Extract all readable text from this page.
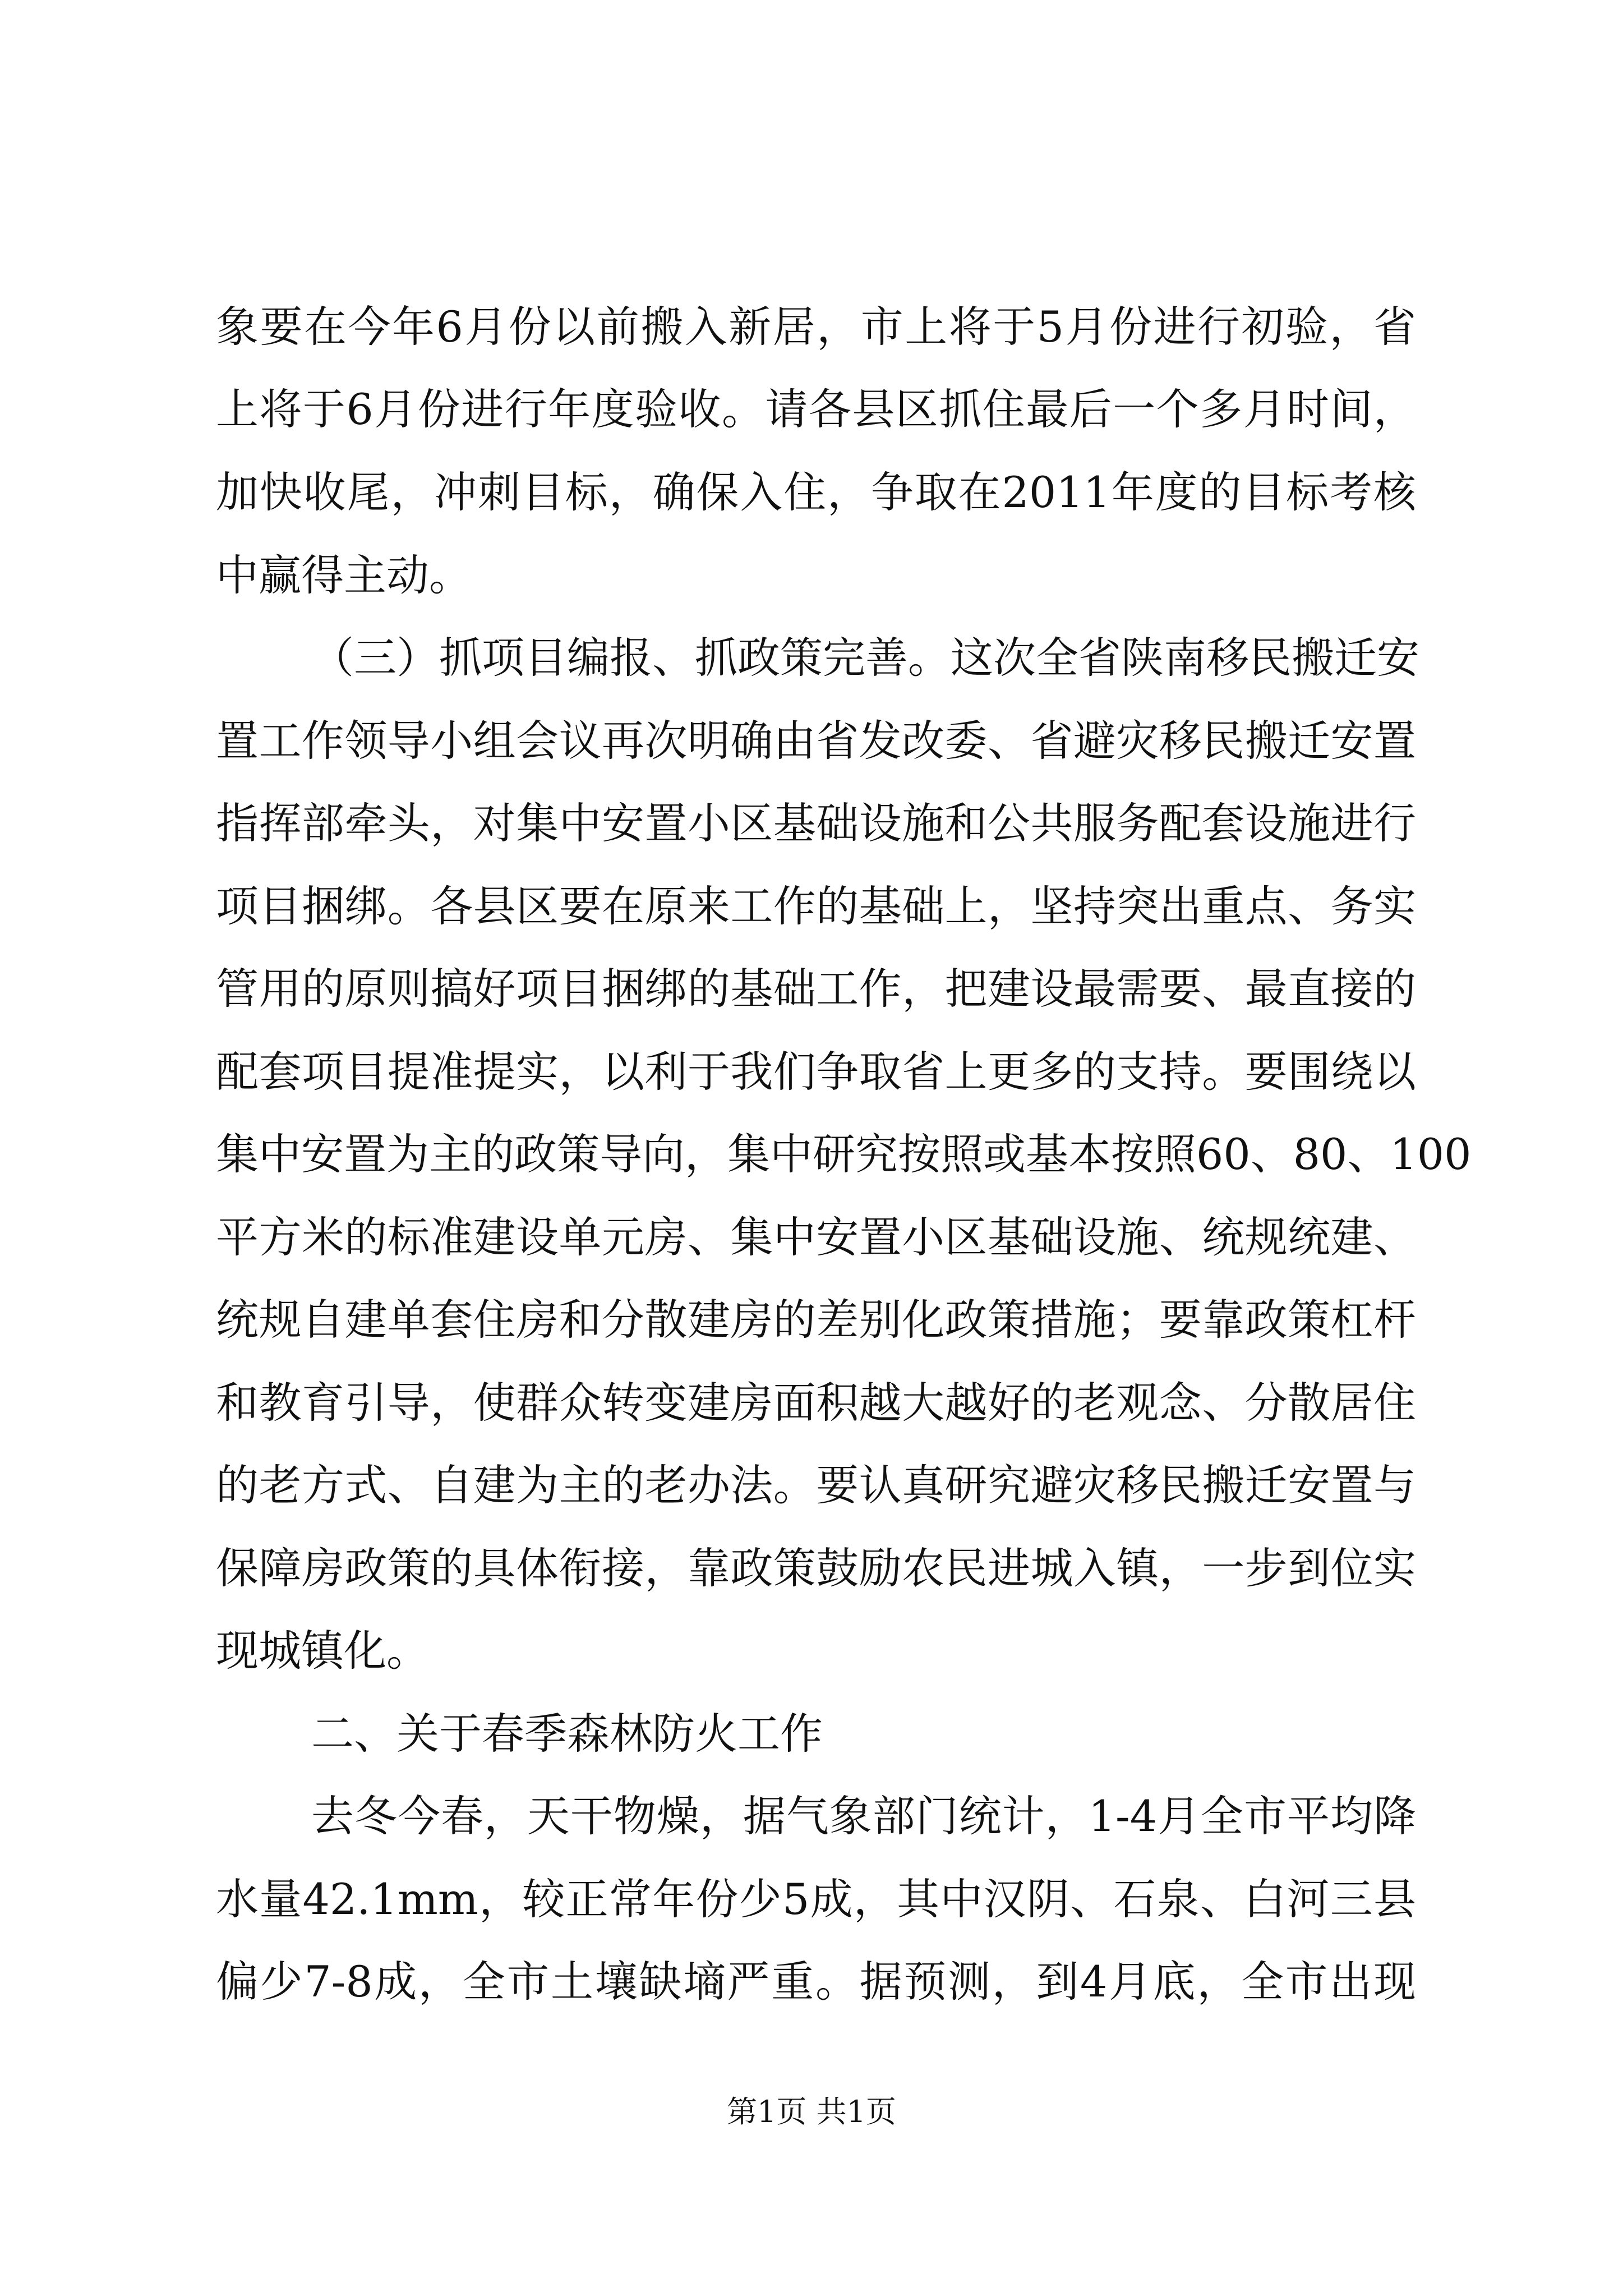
象要在今年6月份以前搬入新居，市上将于5月份进行初验，省
上将于6月份进行年度验收。请各县区抓住最后一个多月时间，
加快收尾，冲刺目标，确保入住，争取在2011年度的目标考核
中赢得主动。
（三）抓项目编报、抓政策完善。这次全省陕南移民搬迁安
置工作领导小组会议再次明确由省发改委、省避灾移民搬迁安置
指挥部牵头，对集中安置小区基础设施和公共服务配套设施进行
项目捆绑。各县区要在原来工作的基础上，坚持突出重点、务实
管用的原则搞好项目捆绑的基础工作，把建设最需要、最直接的
配套项目提准提实，以利于我们争取省上更多的支持。要围绕以
集中安置为主的政策导向，集中研究按照或基本按照60、80、100
平方米的标准建设单元房、集中安置小区基础设施、统规统建、
统规自建单套住房和分散建房的差别化政策措施；要靠政策杠杆
和教育引导，使群众转变建房面积越大越好的老观念、分散居住
的老方式、自建为主的老办法。要认真研究避灾移民搬迁安置与
保障房政策的具体衔接，靠政策鼓励农民进城入镇，一步到位实
现城镇化。
二、关于春季森林防火工作
去冬今春，天干物燥，据气象部门统计，1-4月全市平均降
水量42.1mm，较正常年份少5成，其中汉阴、石泉、白河三县
偏少7-8成，全市土壤缺墒严重。据预测，到4月底，全市出现
第1页 共1页
